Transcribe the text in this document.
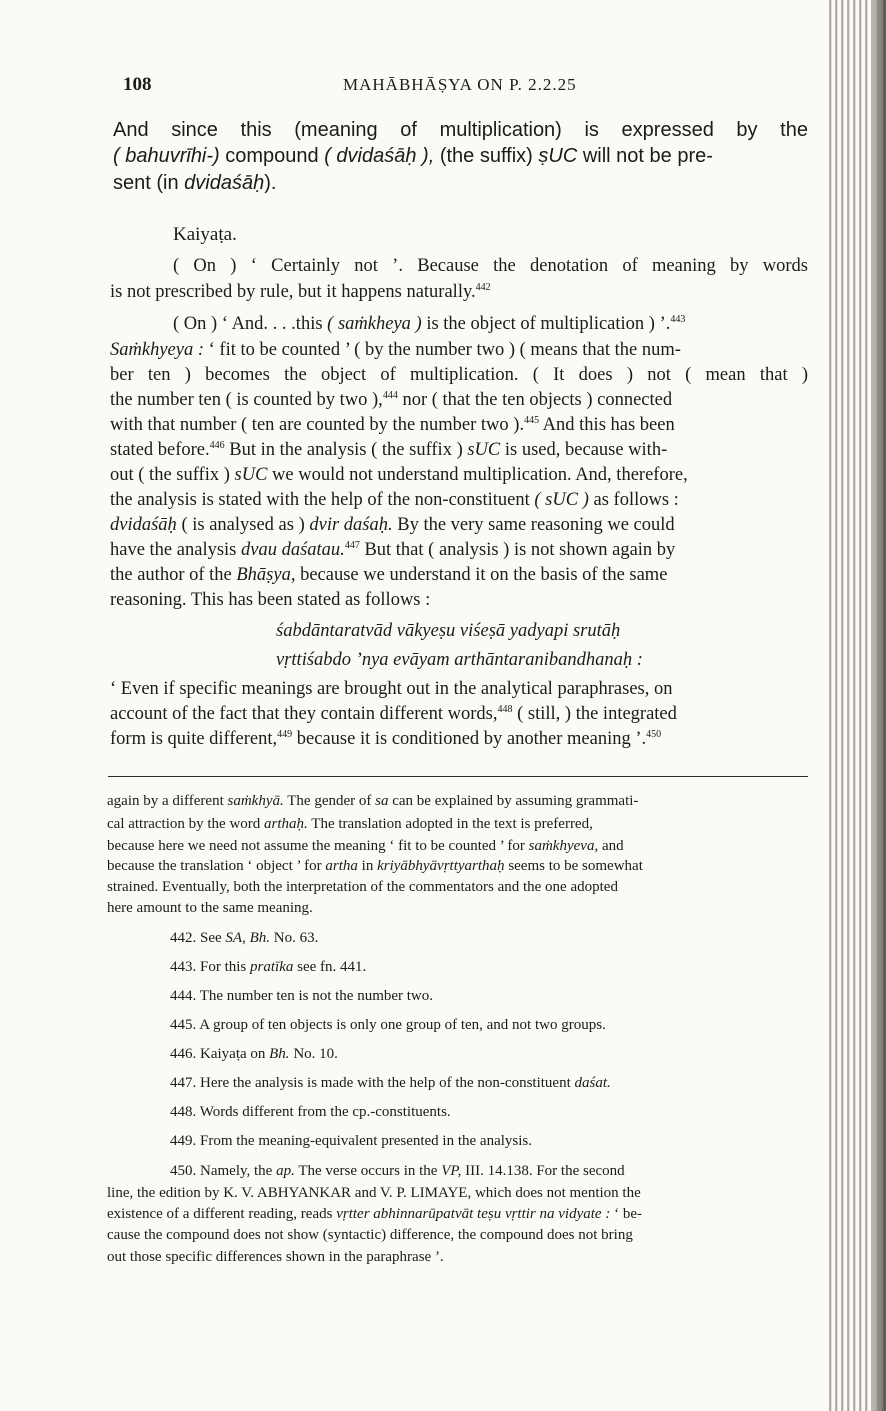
108	MAHĀBHĀṢYA ON P. 2.2.25
And since this (meaning of multiplication) is expressed by the
( bahuvrīhi-) compound ( dvidaśāḥ ), (the suffix) ṣUC will not be pre-
sent (in dvidaśāḥ).
Kaiyaṭa.
( On ) ‘ Certainly not ’. Because the denotation of meaning by words
is not prescribed by rule, but it happens naturally.$^{442}$
( On ) ‘ And. . . .this ( saṁkheya ) is the object of multiplication ) ’.$^{443}$
Saṁkhyeya : ‘ fit to be counted ’ ( by the number two ) ( means that the num-
ber ten ) becomes the object of multiplication. ( It does ) not ( mean that )
the number ten ( is counted by two ),$^{444}$ nor ( that the ten objects ) connected
with that number ( ten are counted by the number two ).$^{445}$ And this has been
stated before.$^{446}$ But in the analysis ( the suffix ) sUC is used, because with-
out ( the suffix ) sUC we would not understand multiplication. And, therefore,
the analysis is stated with the help of the non-constituent ( sUC ) as follows :
dvidaśāḥ ( is analysed as ) dvir daśaḥ. By the very same reasoning we could
have the analysis dvau daśatau.$^{447}$ But that ( analysis ) is not shown again by
the author of the Bhāṣya, because we understand it on the basis of the same
reasoning. This has been stated as follows :
śabdāntaratvād vākyeṣu viśeṣā yadyapi srutāḥ
vṛttiśabdo ’nya evāyam arthāntaranibandhanaḥ :
‘ Even if specific meanings are brought out in the analytical paraphrases, on
account of the fact that they contain different words,$^{448}$ ( still, ) the integrated
form is quite different,$^{449}$ because it is conditioned by another meaning ’.$^{450}$
again by a different saṁkhyā. The gender of sa can be explained by assuming grammati-
cal attraction by the word arthaḥ. The translation adopted in the text is preferred,
because here we need not assume the meaning ‘ fit to be counted ’ for saṁkhyeva, and
because the translation ‘ object ’ for artha in kriyābhyāvṛttyarthaḥ seems to be somewhat
strained. Eventually, both the interpretation of the commentators and the one adopted
here amount to the same meaning.
442. See SA, Bh. No. 63.
443. For this pratīka see fn. 441.
444. The number ten is not the number two.
445. A group of ten objects is only one group of ten, and not two groups.
446. Kaiyaṭa on Bh. No. 10.
447. Here the analysis is made with the help of the non-constituent daśat.
448. Words different from the cp.-constituents.
449. From the meaning-equivalent presented in the analysis.
450. Namely, the ap. The verse occurs in the VP, III. 14.138. For the second
line, the edition by K. V. ABHYANKAR and V. P. LIMAYE, which does not mention the
existence of a different reading, reads vṛtter abhinnarūpatvāt teṣu vṛttir na vidyate : ‘ be-
cause the compound does not show (syntactic) difference, the compound does not bring
out those specific differences shown in the paraphrase ’.
